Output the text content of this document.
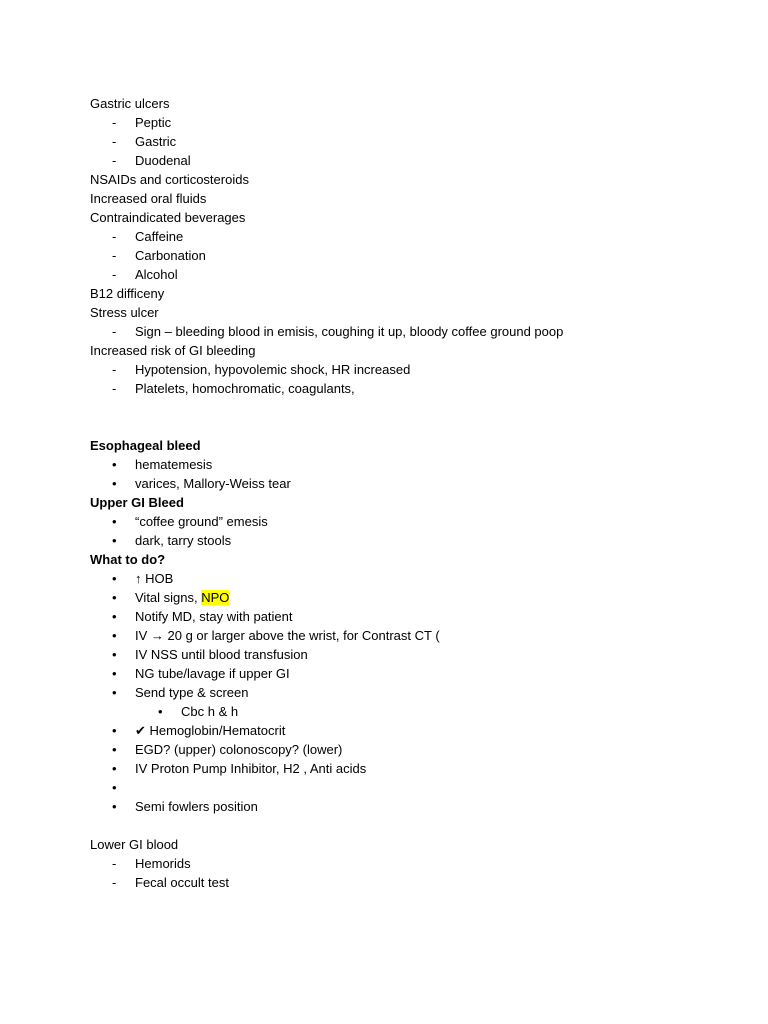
Gastric ulcers
- Peptic
- Gastric
- Duodenal
NSAIDs and corticosteroids
Increased oral fluids
Contraindicated beverages
- Caffeine
- Carbonation
- Alcohol
B12 difficeny
Stress ulcer
- Sign – bleeding blood in emisis, coughing it up, bloody coffee ground poop
Increased risk of GI bleeding
- Hypotension, hypovolemic shock, HR increased
- Platelets, homochromatic, coagulants,
Esophageal bleed
• hematemesis
• varices, Mallory-Weiss tear
Upper GI Bleed
• “coffee ground” emesis
• dark, tarry stools
What to do?
• ↑ HOB
• Vital signs, NPO
• Notify MD, stay with patient
• IV → 20 g or larger above the wrist, for Contrast CT (
• IV NSS until blood transfusion
• NG tube/lavage if upper GI
• Send type & screen
• Cbc h & h
• ✔ Hemoglobin/Hematocrit
• EGD? (upper) colonoscopy? (lower)
• IV Proton Pump Inhibitor, H2 , Anti acids
•
• Semi fowlers position
Lower GI blood
- Hemorids
- Fecal occult test
